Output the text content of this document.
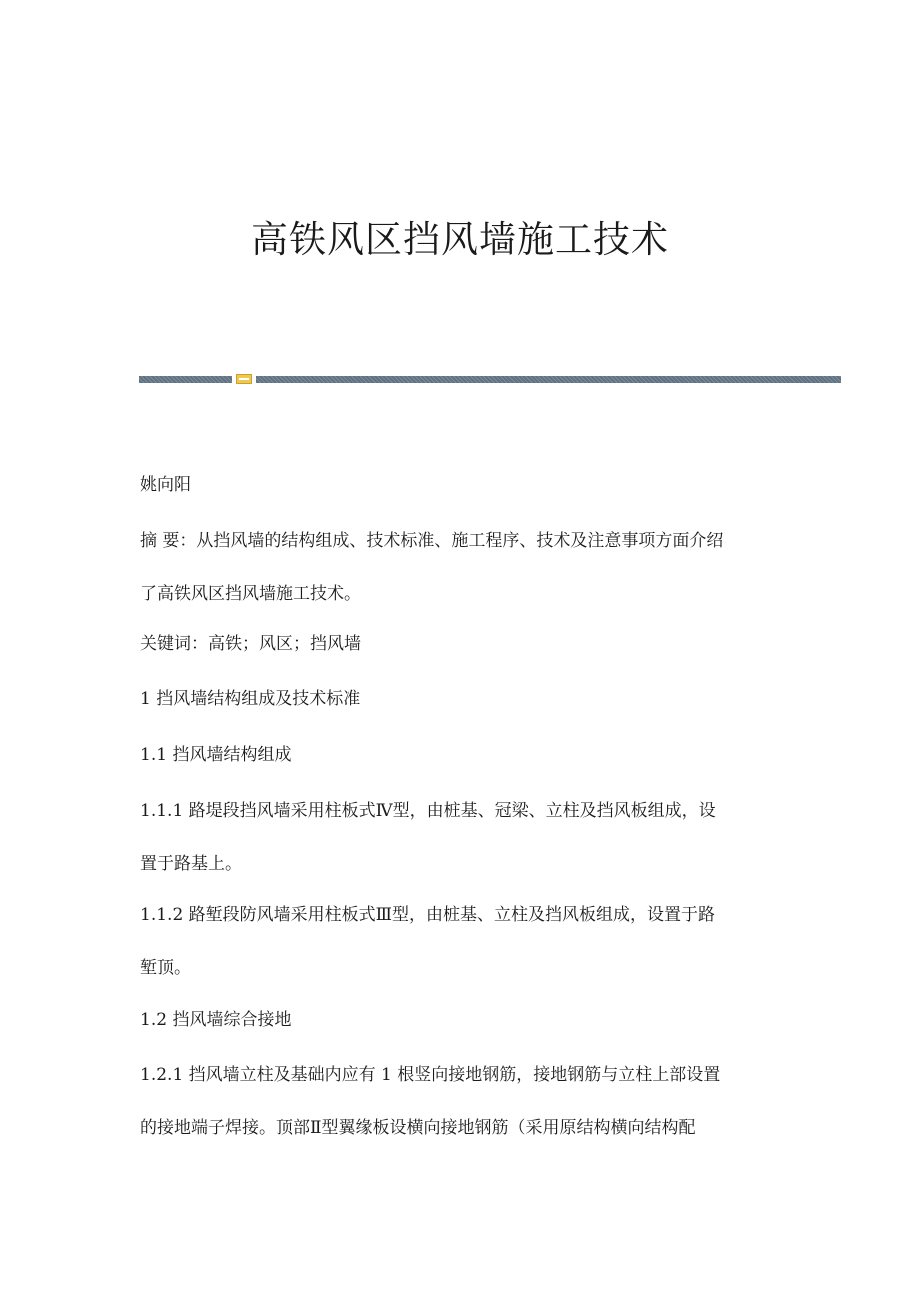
高铁风区挡风墙施工技术

姚向阳

摘 要：从挡风墙的结构组成、技术标准、施工程序、技术及注意事项方面介绍
了高铁风区挡风墙施工技术。

关键词：高铁；风区；挡风墙

1 挡风墙结构组成及技术标准

1.1 挡风墙结构组成

1.1.1 路堤段挡风墙采用柱板式Ⅳ型，由桩基、冠梁、立柱及挡风板组成，设
置于路基上。

1.1.2 路堑段防风墙采用柱板式Ⅲ型，由桩基、立柱及挡风板组成，设置于路
堑顶。

1.2 挡风墙综合接地

1.2.1 挡风墙立柱及基础内应有 1 根竖向接地钢筋，接地钢筋与立柱上部设置
的接地端子焊接。顶部Ⅱ型翼缘板设横向接地钢筋（采用原结构横向结构配
